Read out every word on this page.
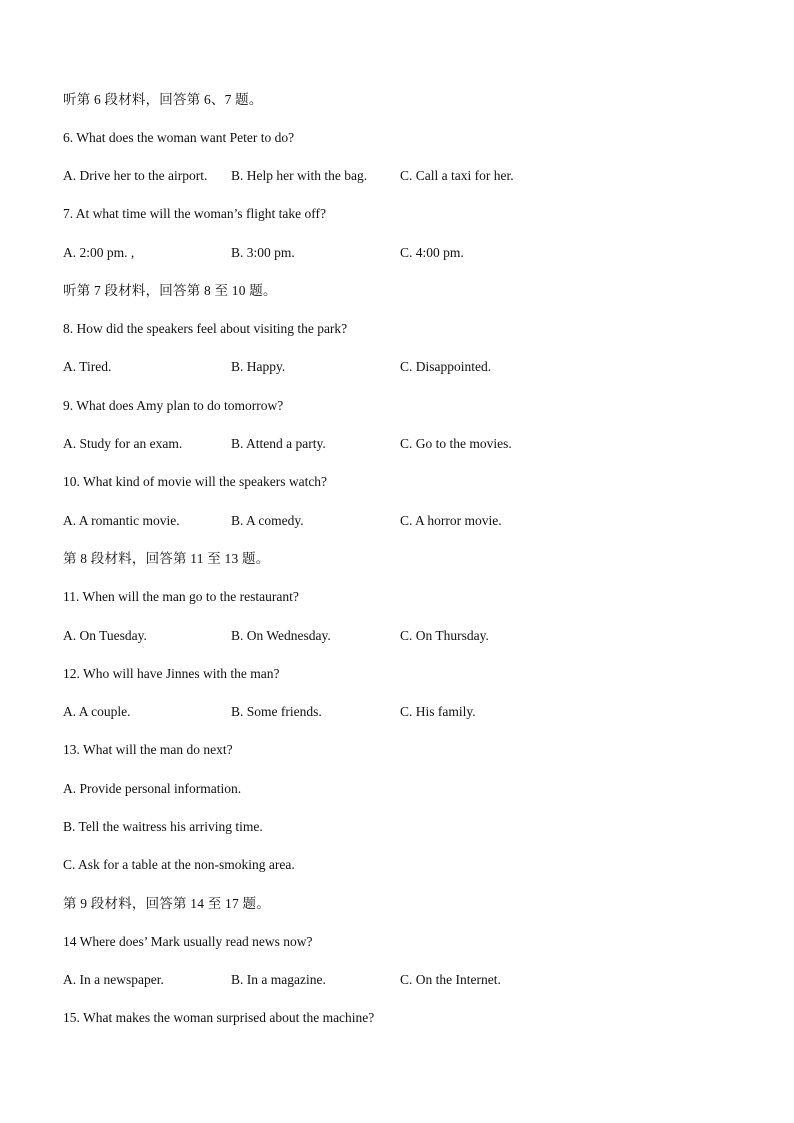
听第 6 段材料，回答第 6、7 题。
6. What does the woman want Peter to do?
A. Drive her to the airport. B. Help her with the bag. C. Call a taxi for her.
7. At what time will the woman’s flight take off?
A. 2:00 pm. ,	B. 3:00 pm.	C. 4:00 pm.
听第 7 段材料，回答第 8 至 10 题。
8. How did the speakers feel about visiting the park?
A. Tired.	B. Happy.	C. Disappointed.
9. What does Amy plan to do tomorrow?
A. Study for an exam.	B. Attend a party.	C. Go to the movies.
10. What kind of movie will the speakers watch?
A. A romantic movie.	B. A comedy.	C. A horror movie.
第 8 段材料，回答第 11 至 13 题。
11. When will the man go to the restaurant?
A. On Tuesday.	B. On Wednesday.	C. On Thursday.
12. Who will have Jinnes with the man?
A. A couple.	B. Some friends.	C. His family.
13. What will the man do next?
A. Provide personal information.
B. Tell the waitress his arriving time.
C. Ask for a table at the non-smoking area.
第 9 段材料，回答第 14 至 17 题。
14 Where does’ Mark usually read news now?
A. In a newspaper.	B. In a magazine.	C. On the Internet.
15. What makes the woman surprised about the machine?
